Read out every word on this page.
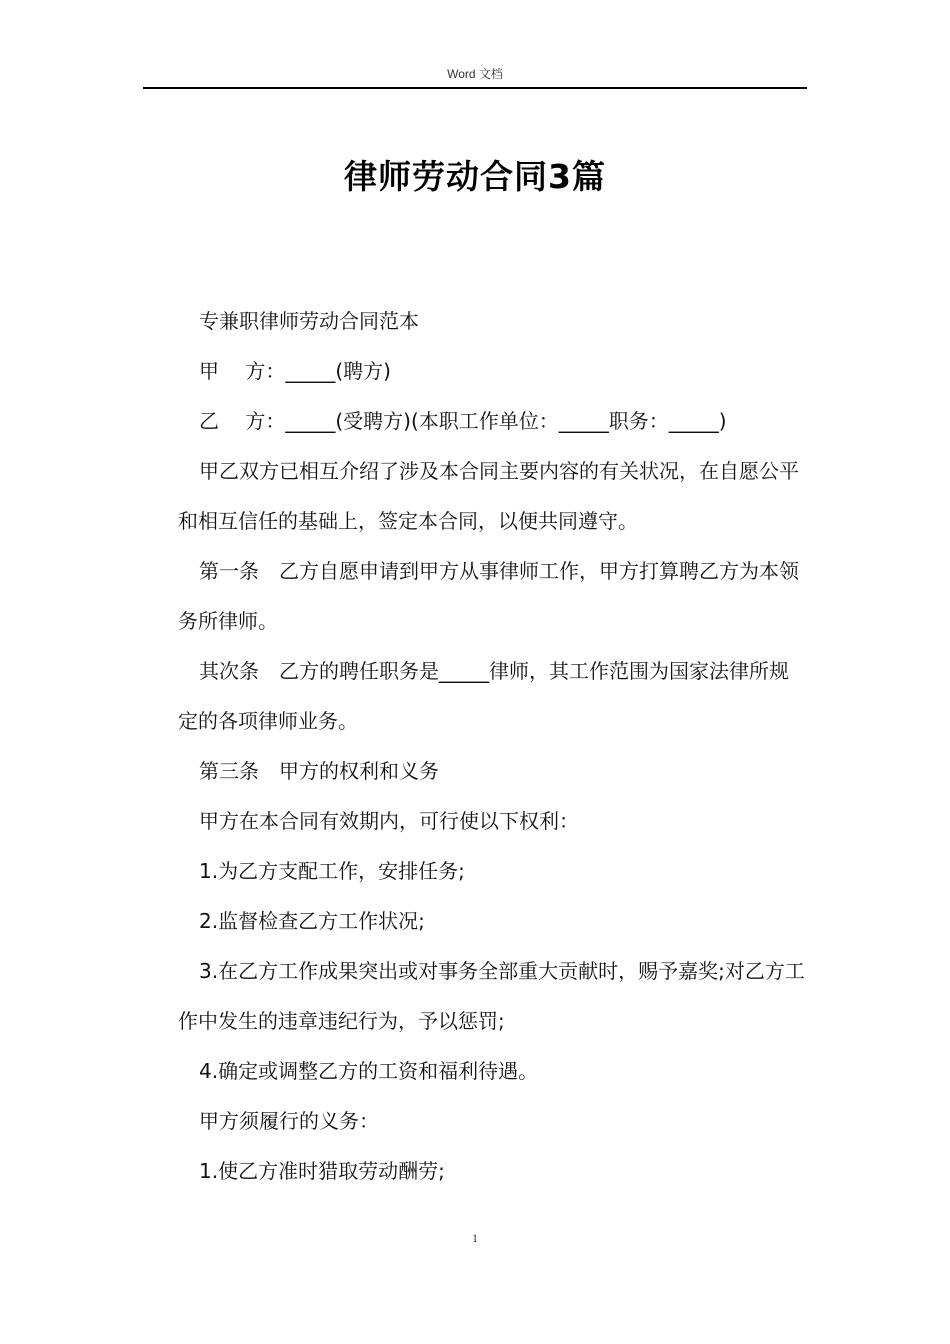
Word 文档
律师劳动合同3篇

专兼职律师劳动合同范本

甲　 方：_____(聘方)

乙　 方：_____(受聘方)(本职工作单位：_____职务：_____)

甲乙双方已相互介绍了涉及本合同主要内容的有关状况，在自愿公平和相互信任的基础上，签定本合同，以便共同遵守。

第一条　乙方自愿申请到甲方从事律师工作，甲方打算聘乙方为本领务所律师。

其次条　乙方的聘任职务是_____律师，其工作范围为国家法律所规定的各项律师业务。

第三条　甲方的权利和义务

甲方在本合同有效期内，可行使以下权利：

1.为乙方支配工作，安排任务;

2.监督检查乙方工作状况;

3.在乙方工作成果突出或对事务全部重大贡献时，赐予嘉奖;对乙方工作中发生的违章违纪行为，予以惩罚;

4.确定或调整乙方的工资和福利待遇。

甲方须履行的义务：

1.使乙方准时猎取劳动酬劳;

1
